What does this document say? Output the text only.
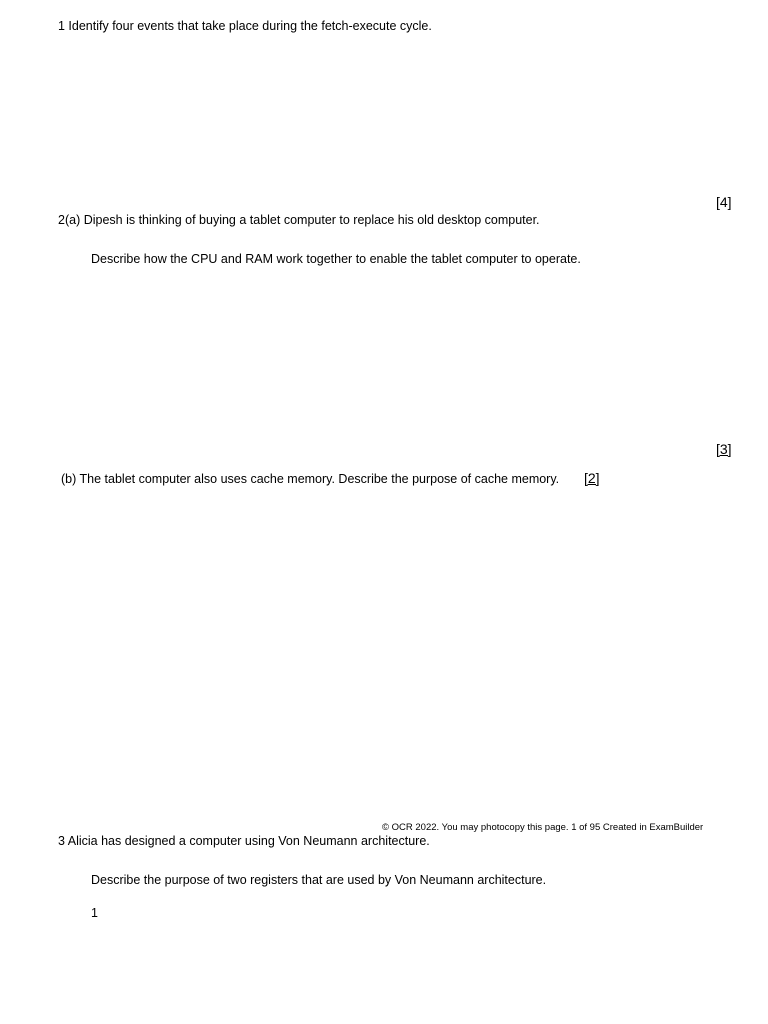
1 Identify four events that take place during the fetch-execute cycle.
[4]
2(a) Dipesh is thinking of buying a tablet computer to replace his old desktop computer.
Describe how the CPU and RAM work together to enable the tablet computer to operate.
[3]
(b) The tablet computer also uses cache memory. Describe the purpose of cache memory. [2]
© OCR 2022. You may photocopy this page. 1 of 95 Created in ExamBuilder
3 Alicia has designed a computer using Von Neumann architecture.
Describe the purpose of two registers that are used by Von Neumann architecture.
1
